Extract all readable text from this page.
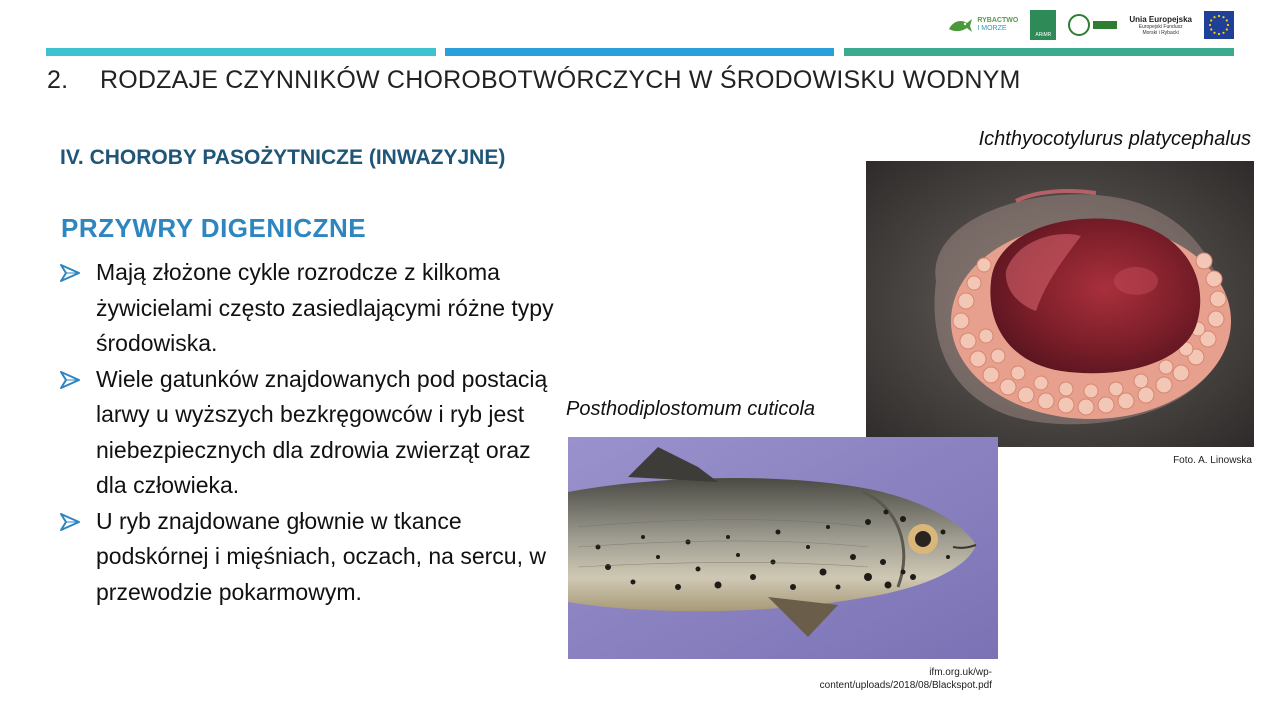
RYBACTWO
I MORZE
ARiMR
Unia Europejska
Europejski Fundusz
Morski i Rybacki
2.	RODZAJE CZYNNIKÓW CHOROBOTWÓRCZYCH W ŚRODOWISKU WODNYM
IV. CHOROBY PASOŻYTNICZE (INWAZYJNE)
PRZYWRY DIGENICZNE
Mają złożone cykle rozrodcze z kilkoma żywicielami często zasiedlającymi różne typy środowiska.
Wiele gatunków znajdowanych pod postacią larwy u wyższych bezkręgowców i ryb jest niebezpiecznych dla zdrowia zwierząt oraz dla człowieka.
U ryb znajdowane głownie w tkance podskórnej i mięśniach, oczach, na sercu, w przewodzie pokarmowym.
Ichthyocotylurus platycephalus
Foto. A. Linowska
Posthodiplostomum cuticola
ifm.org.uk/wp-
content/uploads/2018/08/Blackspot.pdf
